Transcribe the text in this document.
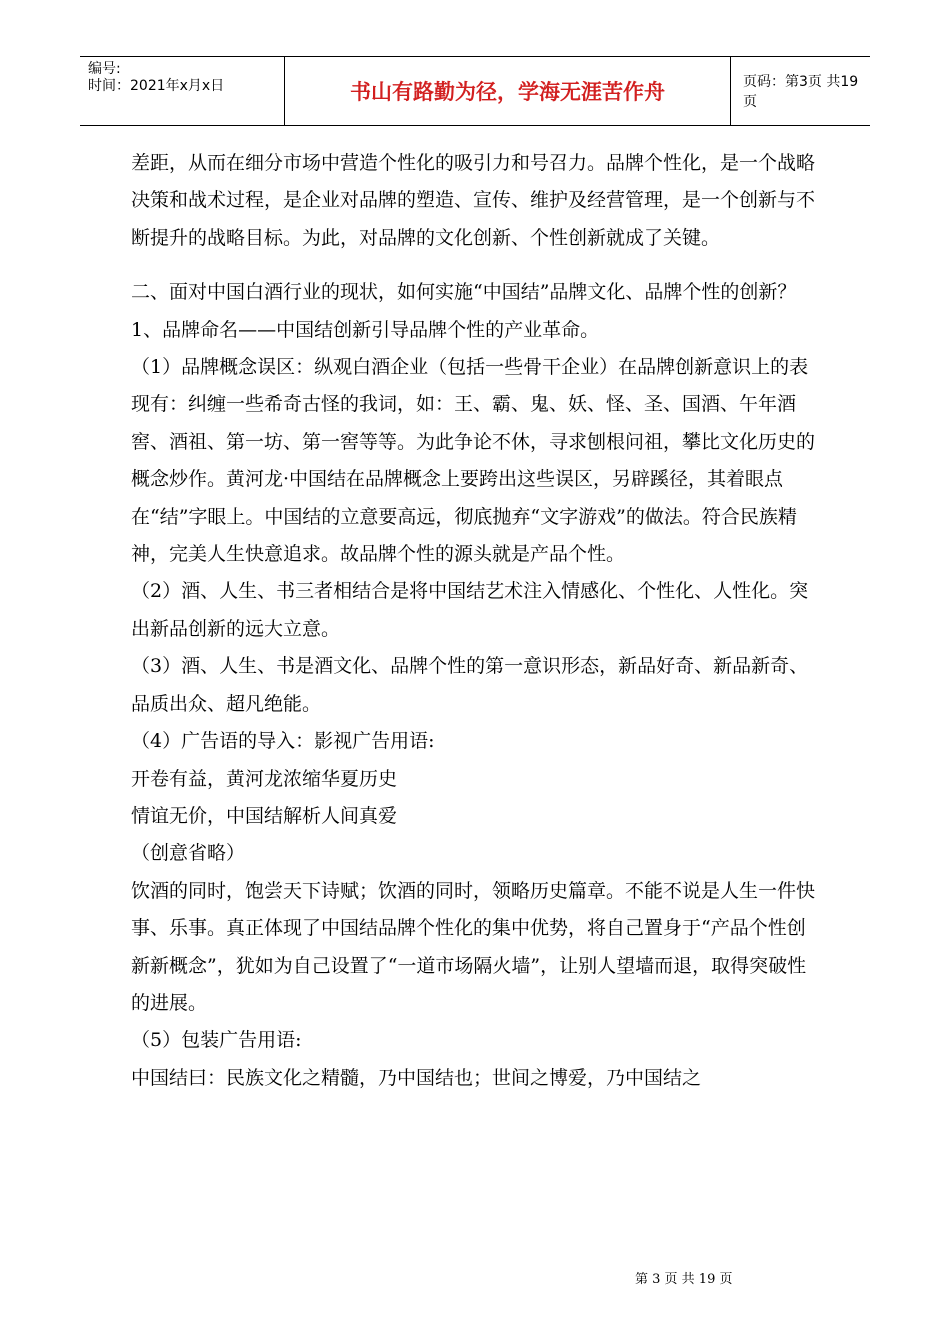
编号:
时间：2021年x月x日	书山有路勤为径，学海无涯苦作舟	页码：第3页 共19页

差距，从而在细分市场中营造个性化的吸引力和号召力。品牌个性化，是一个战略决策和战术过程，是企业对品牌的塑造、宣传、维护及经营管理，是一个创新与不断提升的战略目标。为此，对品牌的文化创新、个性创新就成了关键。

二、面对中国白酒行业的现状，如何实施“中国结”品牌文化、品牌个性的创新？

1、品牌命名——中国结创新引导品牌个性的产业革命。

（1）品牌概念误区：纵观白酒企业（包括一些骨干企业）在品牌创新意识上的表现有：纠缠一些希奇古怪的我词，如：王、霸、鬼、妖、怪、圣、国酒、午年酒窖、酒祖、第一坊、第一窖等等。为此争论不休，寻求刨根问祖，攀比文化历史的概念炒作。黄河龙·中国结在品牌概念上要跨出这些误区，另辟蹊径，其着眼点在“结”字眼上。中国结的立意要高远，彻底抛弃“文字游戏”的做法。符合民族精神，完美人生快意追求。故品牌个性的源头就是产品个性。

（2）酒、人生、书三者相结合是将中国结艺术注入情感化、个性化、人性化。突出新品创新的远大立意。

（3）酒、人生、书是酒文化、品牌个性的第一意识形态，新品好奇、新品新奇、品质出众、超凡绝能。

（4）广告语的导入：影视广告用语:

开卷有益，黄河龙浓缩华夏历史

情谊无价，中国结解析人间真爱

（创意省略）

饮酒的同时，饱尝天下诗赋；饮酒的同时，领略历史篇章。不能不说是人生一件快事、乐事。真正体现了中国结品牌个性化的集中优势，将自己置身于“产品个性创新新概念”，犹如为自己设置了“一道市场隔火墙”，让别人望墙而退，取得突破性的进展。

（5）包装广告用语:

中国结曰：民族文化之精髓，乃中国结也；世间之博爱，乃中国结之

第 3 页 共 19 页
